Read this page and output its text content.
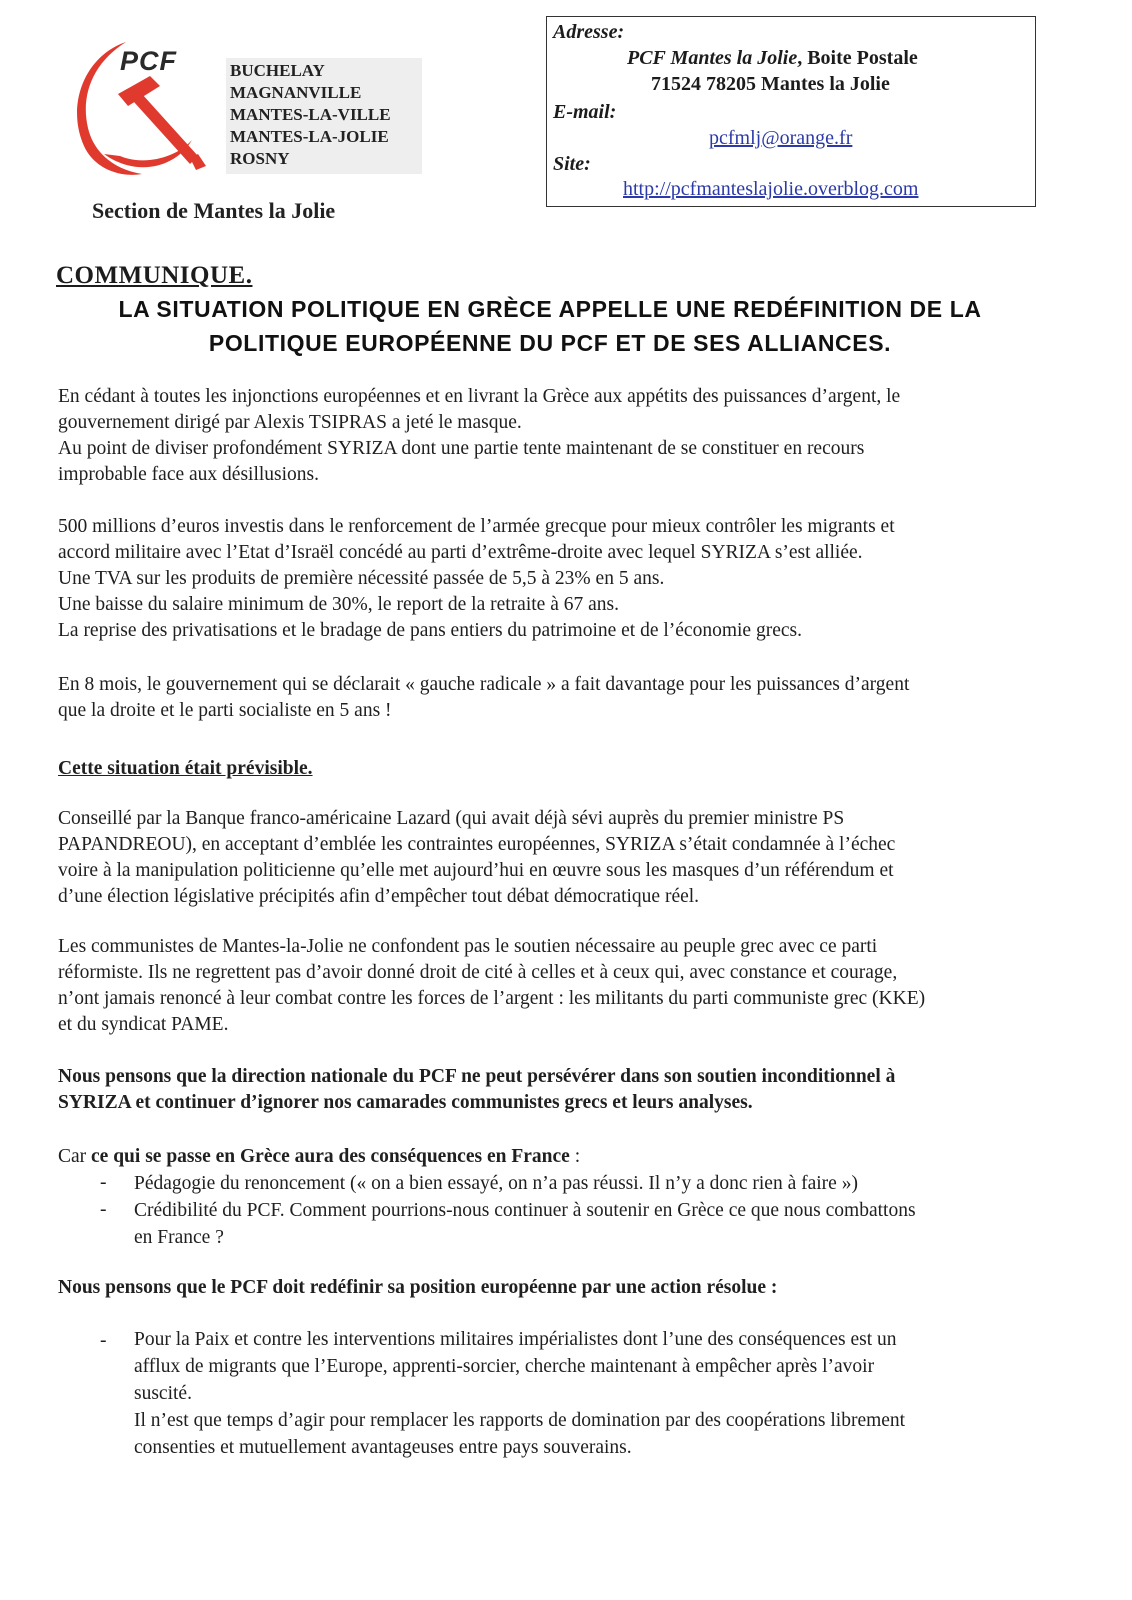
PCF	BUCHELAY
MAGNANVILLE
MANTES-LA-VILLE
MANTES-LA-JOLIE
ROSNY
Section de Mantes la Jolie
Adresse:
PCF Mantes la Jolie, Boite Postale
71524 78205 Mantes la Jolie
E-mail:
pcfmlj@orange.fr
Site:
http://pcfmanteslajolie.overblog.com
COMMUNIQUE.
LA SITUATION POLITIQUE EN GRÈCE APPELLE UNE REDÉFINITION DE LA
POLITIQUE EUROPÉENNE DU PCF ET DE SES ALLIANCES.
En cédant à toutes les injonctions européennes et en livrant la Grèce aux appétits des puissances d’argent, le
gouvernement dirigé par Alexis TSIPRAS a jeté le masque.
Au point de diviser profondément SYRIZA dont une partie tente maintenant de se constituer en recours
improbable face aux désillusions.
500 millions d’euros investis dans le renforcement de l’armée grecque pour mieux contrôler les migrants et
accord militaire avec l’Etat d’Israël concédé au parti d’extrême-droite avec lequel SYRIZA s’est alliée.
Une TVA sur les produits de première nécessité passée de 5,5 à 23% en 5 ans.
Une baisse du salaire minimum de 30%, le report de la retraite à 67 ans.
La reprise des privatisations et le bradage de pans entiers du patrimoine et de l’économie grecs.
En 8 mois, le gouvernement qui se déclarait « gauche radicale » a fait davantage pour les puissances d’argent
que la droite et le parti socialiste en 5 ans !
Cette situation était prévisible.
Conseillé par la Banque franco-américaine Lazard (qui avait déjà sévi auprès du premier ministre PS
PAPANDREOU), en acceptant d’emblée les contraintes européennes, SYRIZA s’était condamnée à l’échec
voire à la manipulation politicienne qu’elle met aujourd’hui en œuvre sous les masques d’un référendum et
d’une élection législative précipités afin d’empêcher tout débat démocratique réel.
Les communistes de Mantes-la-Jolie ne confondent pas le soutien nécessaire au peuple grec avec ce parti
réformiste. Ils ne regrettent pas d’avoir donné droit de cité à celles et à ceux qui, avec constance et courage,
n’ont jamais renoncé à leur combat contre les forces de l’argent : les militants du parti communiste grec (KKE)
et du syndicat PAME.
Nous pensons que la direction nationale du PCF ne peut persévérer dans son soutien inconditionnel à
SYRIZA et continuer d’ignorer nos camarades communistes grecs et leurs analyses.
Car ce qui se passe en Grèce aura des conséquences en France :
- Pédagogie du renoncement (« on a bien essayé, on n’a pas réussi. Il n’y a donc rien à faire »)
- Crédibilité du PCF. Comment pourrions-nous continuer à soutenir en Grèce ce que nous combattons
en France ?
Nous pensons que le PCF doit redéfinir sa position européenne par une action résolue :
- Pour la Paix et contre les interventions militaires impérialistes dont l’une des conséquences est un
afflux de migrants que l’Europe, apprenti-sorcier, cherche maintenant à empêcher après l’avoir
suscité.
Il n’est que temps d’agir pour remplacer les rapports de domination par des coopérations librement
consenties et mutuellement avantageuses entre pays souverains.
